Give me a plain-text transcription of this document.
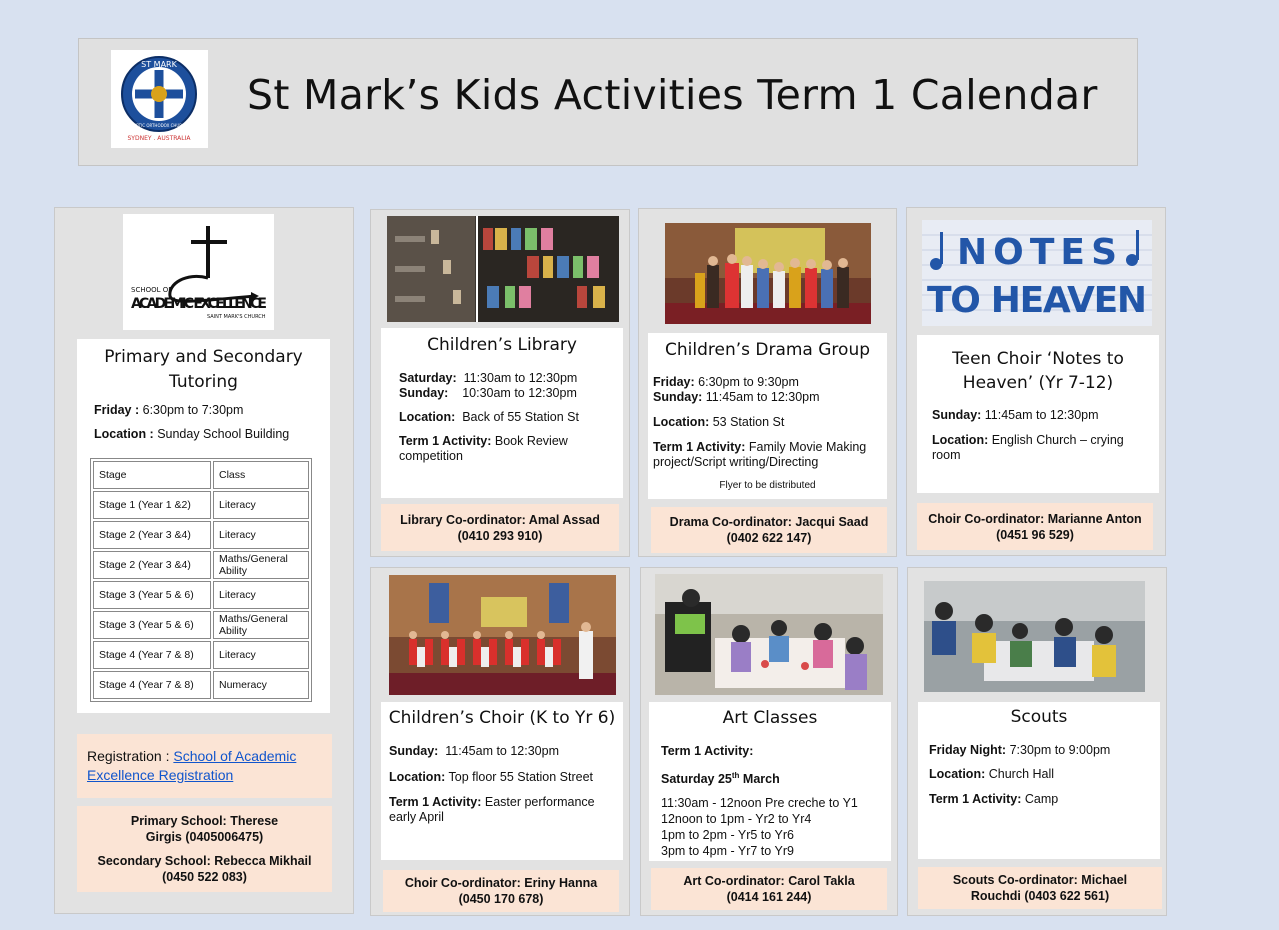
ST MARK
COPTIC ORTHODOX CHURCH
SYDNEY . AUSTRALIA
St Mark’s Kids Activities Term 1 Calendar
SCHOOL OF
ACADEMIC EXCELLENCE
SAINT MARK'S CHURCH
Primary and Secondary Tutoring
Friday : 6:30pm to 7:30pm
Location : Sunday School Building
Stage	Class
Stage 1 (Year 1 &2)	Literacy
Stage 2 (Year 3 &4)	Literacy
Stage 2 (Year 3 &4)	Maths/General Ability
Stage 3 (Year 5 & 6)	Literacy
Stage 3 (Year 5 & 6)	Maths/General Ability
Stage 4 (Year 7 & 8)	Literacy
Stage 4 (Year 7 & 8)	Numeracy
Registration : School of Academic Excellence Registration
Primary School: Therese Girgis (0405006475)
Secondary School: Rebecca Mikhail (0450 522 083)
Children’s Library
Saturday:  11:30am to 12:30pm
Sunday:    10:30am to 12:30pm
Location:  Back of 55 Station St
Term 1 Activity: Book Review competition
Library Co-ordinator: Amal Assad
(0410 293 910)
Children’s Drama Group
Friday: 6:30pm to 9:30pm
Sunday: 11:45am to 12:30pm
Location: 53 Station St
Term 1 Activity: Family Movie Making project/Script writing/Directing
Flyer to be distributed
Drama Co-ordinator: Jacqui Saad
(0402 622 147)
NOTES
TO HEAVEN
Teen Choir ‘Notes to Heaven’ (Yr 7-12)
Sunday: 11:45am to 12:30pm
Location: English Church – crying room
Choir Co-ordinator: Marianne Anton
(0451 96 529)
Children’s Choir (K to Yr 6)
Sunday:  11:45am to 12:30pm
Location: Top floor 55 Station Street
Term 1 Activity: Easter performance early April
Choir Co-ordinator: Eriny Hanna
(0450 170 678)
Art Classes
Term 1 Activity:
Saturday 25th March
11:30am - 12noon Pre creche to Y1
12noon to 1pm - Yr2 to Yr4
1pm to 2pm - Yr5 to Yr6
3pm to 4pm - Yr7 to Yr9
Art Co-ordinator: Carol Takla
(0414 161 244)
Scouts
Friday Night: 7:30pm to 9:00pm
Location: Church Hall
Term 1 Activity: Camp
Scouts Co-ordinator: Michael Rouchdi (0403 622 561)
